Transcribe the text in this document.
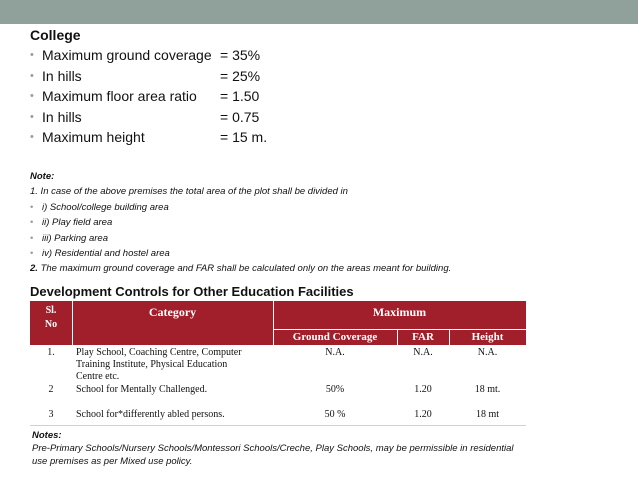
College
• Maximum ground coverage = 35%
• In hills	= 25%
• Maximum floor area ratio = 1.50
• In hills	= 0.75
• Maximum height	= 15 m.
Note:
1. In case of the above premises the total area of the plot shall be divided in
• i) School/college building area
• ii) Play field area
• iii) Parking area
• iv) Residential and hostel area
2. The maximum ground coverage and FAR shall be calculated only on the areas meant for building.
Development Controls for Other Education Facilities
Sl.
No
Category	Maximum
Ground Coverage	FAR	Height
1.	Play School, Coaching Centre, Computer
Training Institute, Physical Education
Centre etc.
N.A.	N.A.	N.A.
2	School for Mentally Challenged.	50%	1.20	18 mt.
3	School for*differently abled persons.	50 %	1.20	18 mt
Notes:
Pre-Primary Schools/Nursery Schools/Montessori Schools/Creche, Play Schools, may be permissible in residential
use premises as per Mixed use policy.
